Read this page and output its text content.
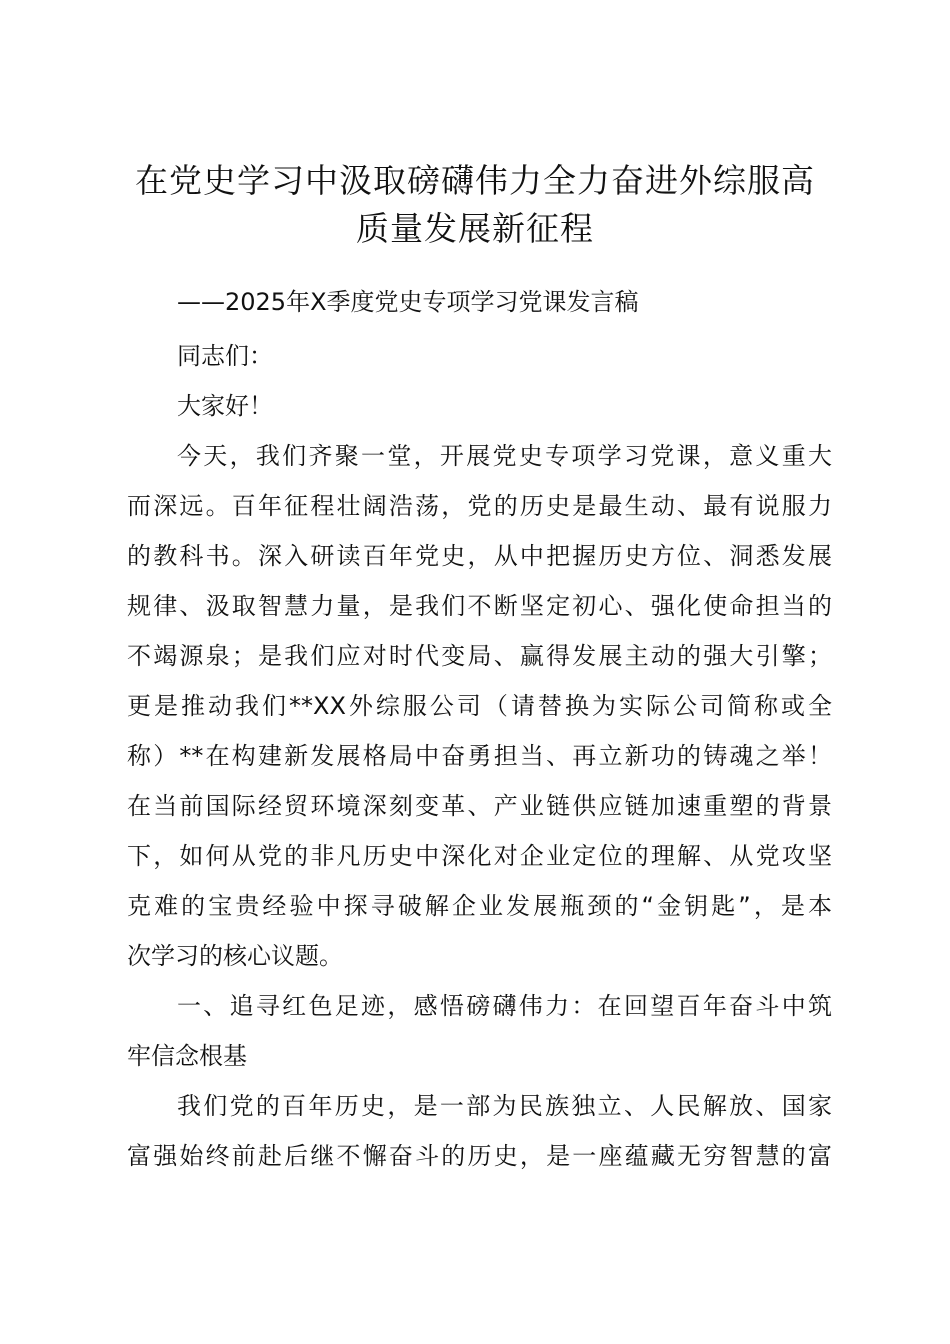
在党史学习中汲取磅礴伟力全力奋进外综服高
质量发展新征程

——2025年X季度党史专项学习党课发言稿

同志们：

大家好！

今天，我们齐聚一堂，开展党史专项学习党课，意义重大

而深远。百年征程壮阔浩荡，党的历史是最生动、最有说服力

的教科书。深入研读百年党史，从中把握历史方位、洞悉发展

规律、汲取智慧力量，是我们不断坚定初心、强化使命担当的

不竭源泉；是我们应对时代变局、赢得发展主动的强大引擎；

更是推动我们**XX外综服公司（请替换为实际公司简称或全

称）**在构建新发展格局中奋勇担当、再立新功的铸魂之举！

在当前国际经贸环境深刻变革、产业链供应链加速重塑的背景

下，如何从党的非凡历史中深化对企业定位的理解、从党攻坚

克难的宝贵经验中探寻破解企业发展瓶颈的“金钥匙”，是本

次学习的核心议题。

一、追寻红色足迹，感悟磅礴伟力：在回望百年奋斗中筑

牢信念根基

我们党的百年历史，是一部为民族独立、人民解放、国家

富强始终前赴后继不懈奋斗的历史，是一座蕴藏无穷智慧的富
